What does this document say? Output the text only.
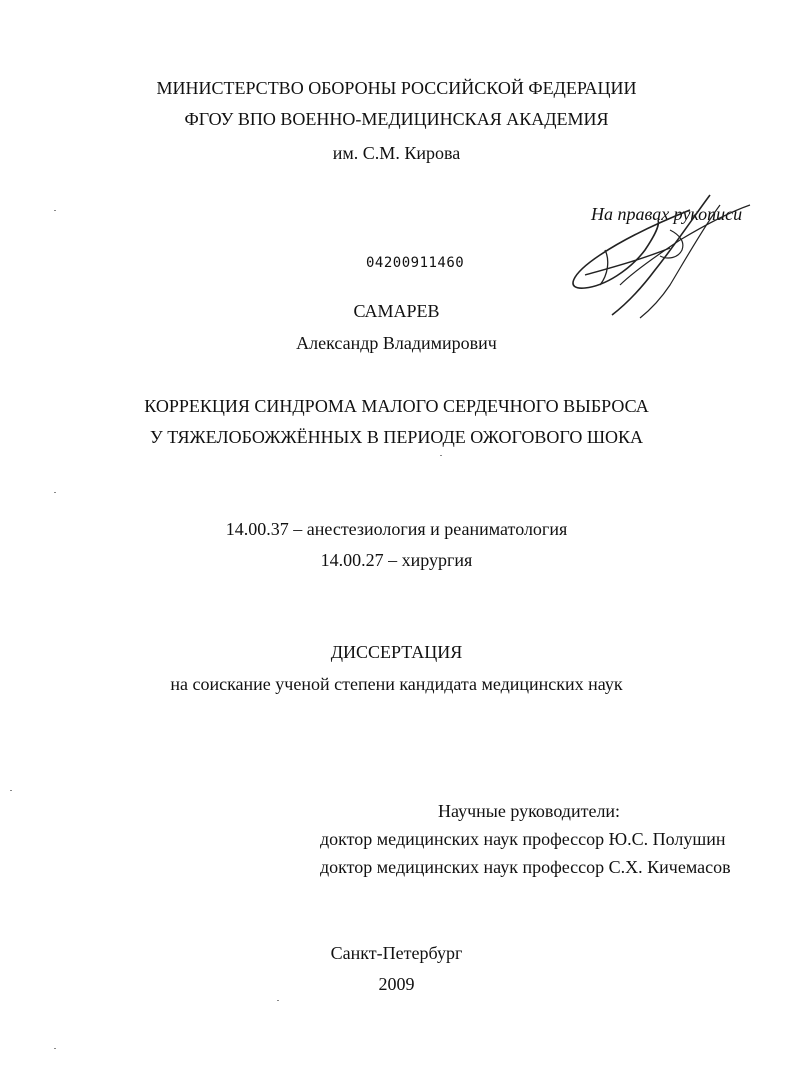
МИНИСТЕРСТВО ОБОРОНЫ РОССИЙСКОЙ ФЕДЕРАЦИИ
ФГОУ ВПО ВОЕННО-МЕДИЦИНСКАЯ АКАДЕМИЯ
им. С.М. Кирова
На правах рукописи
04200911460
САМАРЕВ
Александр Владимирович
КОРРЕКЦИЯ СИНДРОМА МАЛОГО СЕРДЕЧНОГО ВЫБРОСА
У ТЯЖЕЛОБОЖЖЁННЫХ В ПЕРИОДЕ ОЖОГОВОГО ШОКА
14.00.37 – анестезиология и реаниматология
14.00.27 – хирургия
ДИССЕРТАЦИЯ
на соискание ученой степени кандидата медицинских наук
Научные руководители:
доктор медицинских наук профессор Ю.С. Полушин
доктор медицинских наук профессор С.Х. Кичемасов
Санкт-Петербург
2009
